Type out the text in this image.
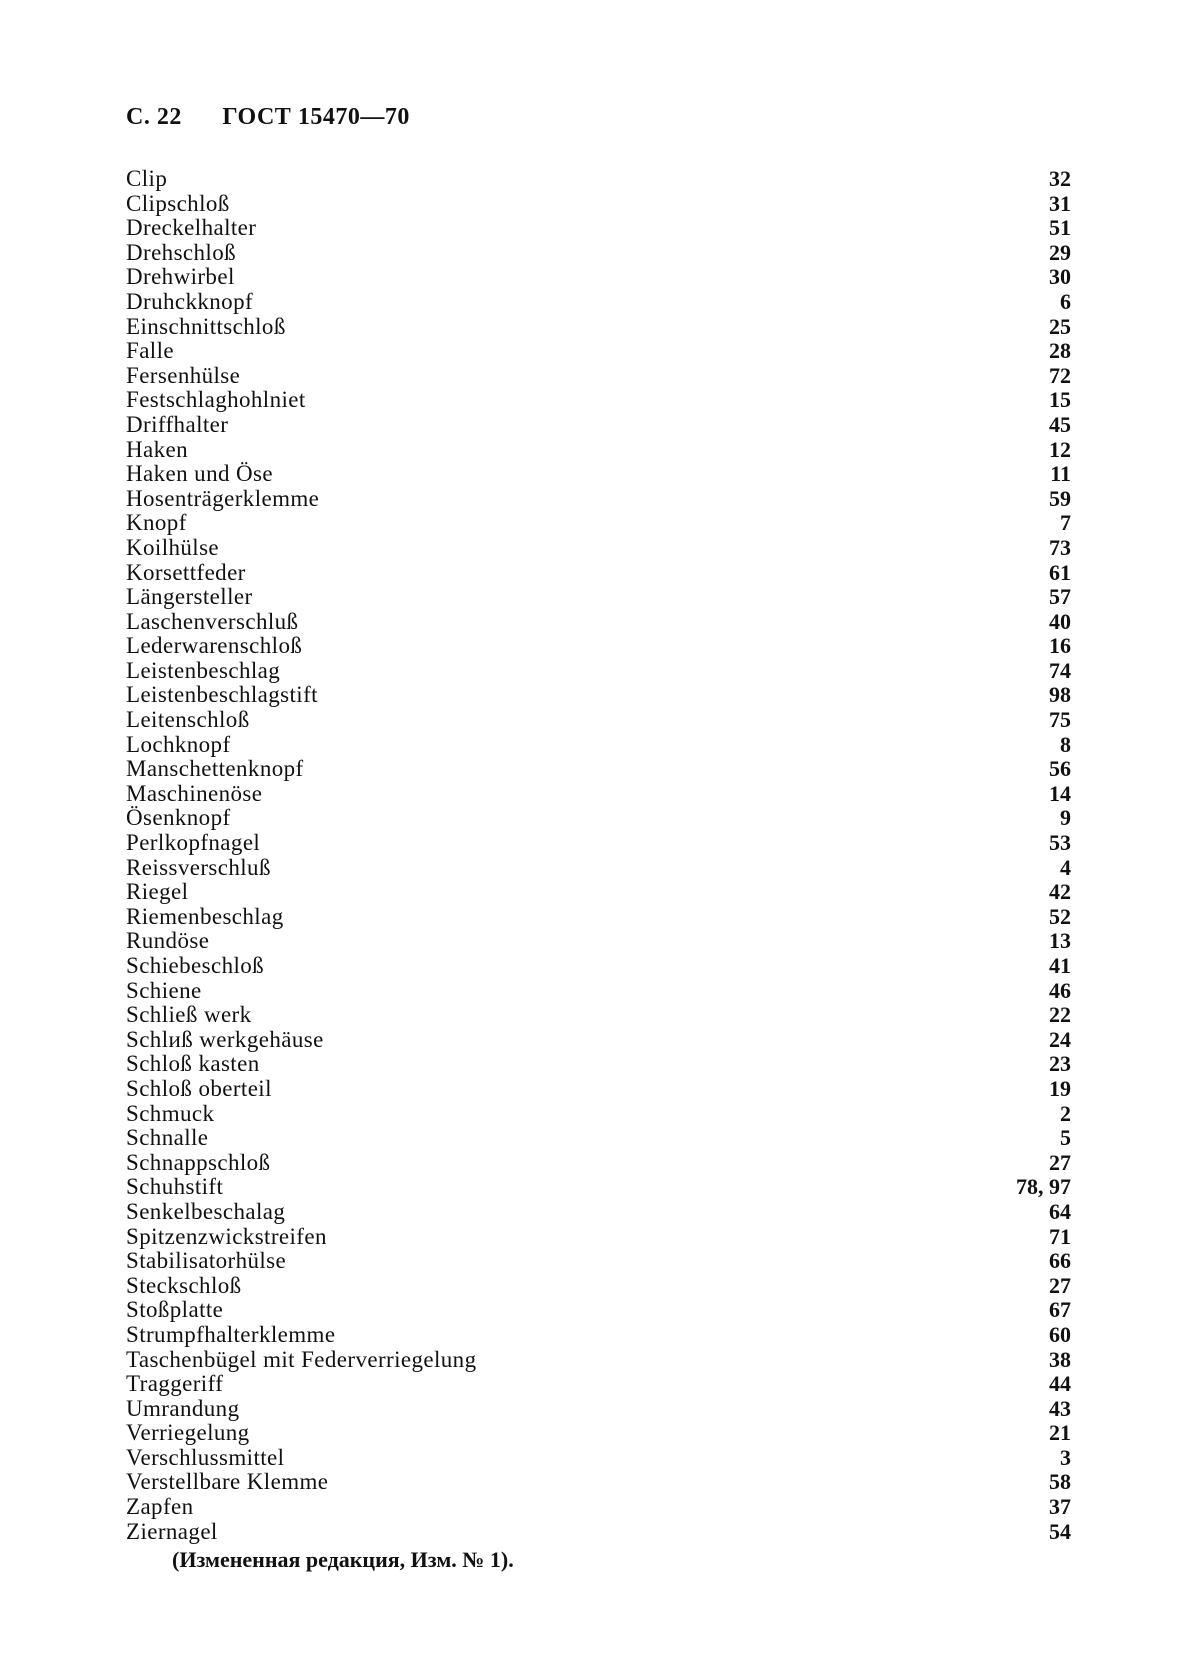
С. 22 ГОСТ 15470—70
Clip	32
Clipschloß	31
Dreckelhalter	51
Drehschloß	29
Drehwirbel	30
Druhckknopf	6
Einschnittschloß	25
Falle	28
Fersenhülse	72
Festschlaghohlniet	15
Driffhalter	45
Haken	12
Haken und Öse	11
Hosenträgerklemme	59
Knopf	7
Koilhülse	73
Korsettfeder	61
Längersteller	57
Laschenverschluß	40
Lederwarenschloß	16
Leistenbeschlag	74
Leistenbeschlagstift	98
Leitenschloß	75
Lochknopf	8
Manschettenknopf	56
Maschinenöse	14
Ösenknopf	9
Perlkopfnagel	53
Reissverschluß	4
Riegel	42
Riemenbeschlag	52
Rundöse	13
Schiebeschloß	41
Schiene	46
Schließ werk	22
Schlиß werkgehäuse	24
Schloß kasten	23
Schloß oberteil	19
Schmuck	2
Schnalle	5
Schnappschloß	27
Schuhstift	78, 97
Senkelbeschalag	64
Spitzenzwickstreifen	71
Stabilisatorhülse	66
Steckschloß	27
Stoßplatte	67
Strumpfhalterklemme	60
Taschenbügel mit Federverriegelung	38
Traggeriff	44
Umrandung	43
Verriegelung	21
Verschlussmittel	3
Verstellbare Klemme	58
Zapfen	37
Ziernagel	54
(Измененная редакция, Изм. № 1).
